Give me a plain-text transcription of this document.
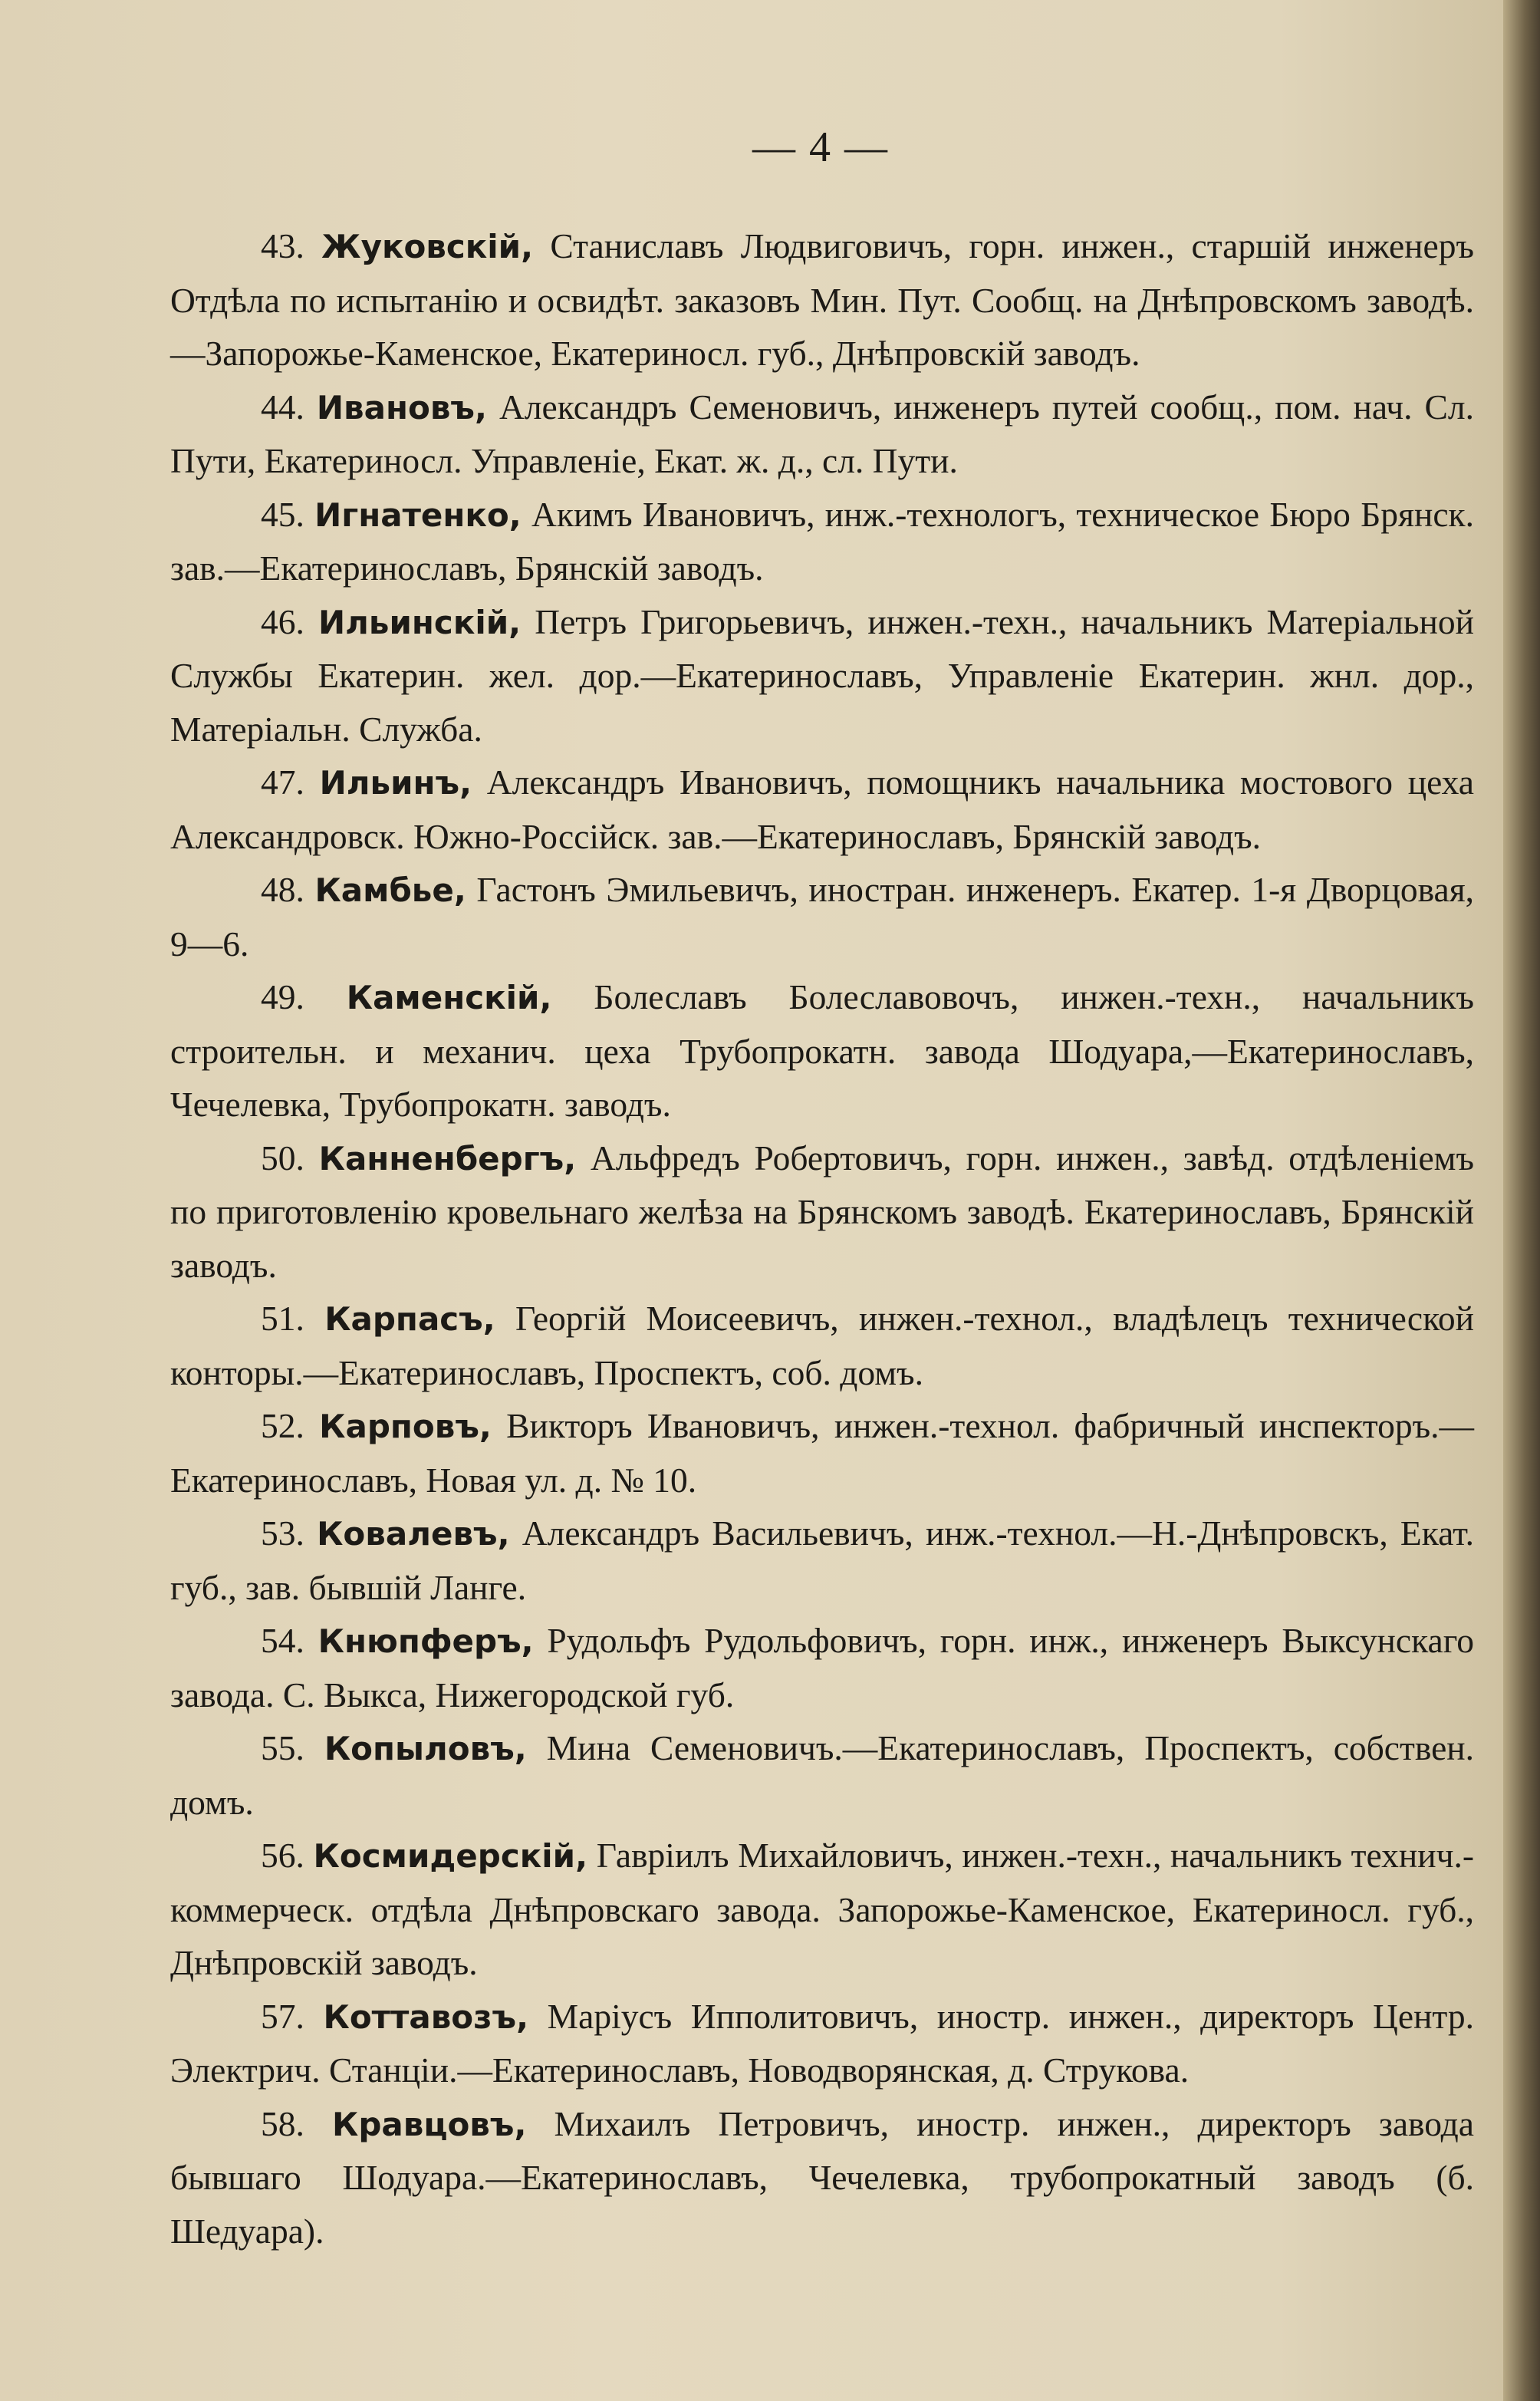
— 4 —

43. Жуковскій, Станиславъ Людвиговичъ, горн. инжен., старшій инженеръ Отдѣла по испытанію и освидѣт. заказовъ Мин. Пут. Сообщ. на Днѣпровскомъ заводѣ.—Запорожье-Каменское, Екатериносл. губ., Днѣпровскій заводъ.

44. Ивановъ, Александръ Семеновичъ, инженеръ путей сообщ., пом. нач. Сл. Пути, Екатериносл. Управленіе, Екат. ж. д., сл. Пути.

45. Игнатенко, Акимъ Ивановичъ, инж.-технологъ, техническое Бюро Брянск. зав.—Екатеринославъ, Брянскій заводъ.

46. Ильинскій, Петръ Григорьевичъ, инжен.-техн., начальникъ Матеріальной Службы Екатерин. жел. дор.—Екатеринославъ, Управленіе Екатерин. жнл. дор., Матеріальн. Служба.

47. Ильинъ, Александръ Ивановичъ, помощникъ начальника мостового цеха Александровск. Южно-Россійск. зав.—Екатеринославъ, Брянскій заводъ.

48. Камбье, Гастонъ Эмильевичъ, иностран. инженеръ. Екатер. 1-я Дворцовая, 9—6.

49. Каменскій, Болеславъ Болеславовочъ, инжен.-техн., начальникъ строительн. и механич. цеха Трубопрокатн. завода Шодуара,—Екатеринославъ, Чечелевка, Трубопрокатн. заводъ.

50. Канненбергъ, Альфредъ Робертовичъ, горн. инжен., завѣд. отдѣленіемъ по приготовленію кровельнаго желѣза на Брянскомъ заводѣ. Екатеринославъ, Брянскій заводъ.

51. Карпасъ, Георгій Моисеевичъ, инжен.-технол., владѣлецъ технической конторы.—Екатеринославъ, Проспектъ, соб. домъ.

52. Карповъ, Викторъ Ивановичъ, инжен.-технол. фабричный инспекторъ.—Екатеринославъ, Новая ул. д. № 10.

53. Ковалевъ, Александръ Васильевичъ, инж.-технол.—Н.-Днѣпровскъ, Екат. губ., зав. бывшій Ланге.

54. Кнюпферъ, Рудольфъ Рудольфовичъ, горн. инж., инженеръ Выксунскаго завода. С. Выкса, Нижегородской губ.

55. Копыловъ, Мина Семеновичъ.—Екатеринославъ, Проспектъ, собствен. домъ.

56. Космидерскій, Гавріилъ Михайловичъ, инжен.-техн., начальникъ технич.-коммерческ. отдѣла Днѣпровскаго завода. Запорожье-Каменское, Екатериносл. губ., Днѣпровскій заводъ.

57. Коттавозъ, Маріусъ Ипполитовичъ, иностр. инжен., директоръ Центр. Электрич. Станціи.—Екатеринославъ, Новодворянская, д. Струкова.

58. Кравцовъ, Михаилъ Петровичъ, иностр. инжен., директоръ завода бывшаго Шодуара.—Екатеринославъ, Чечелевка, трубопрокатный заводъ (б. Шедуара).
